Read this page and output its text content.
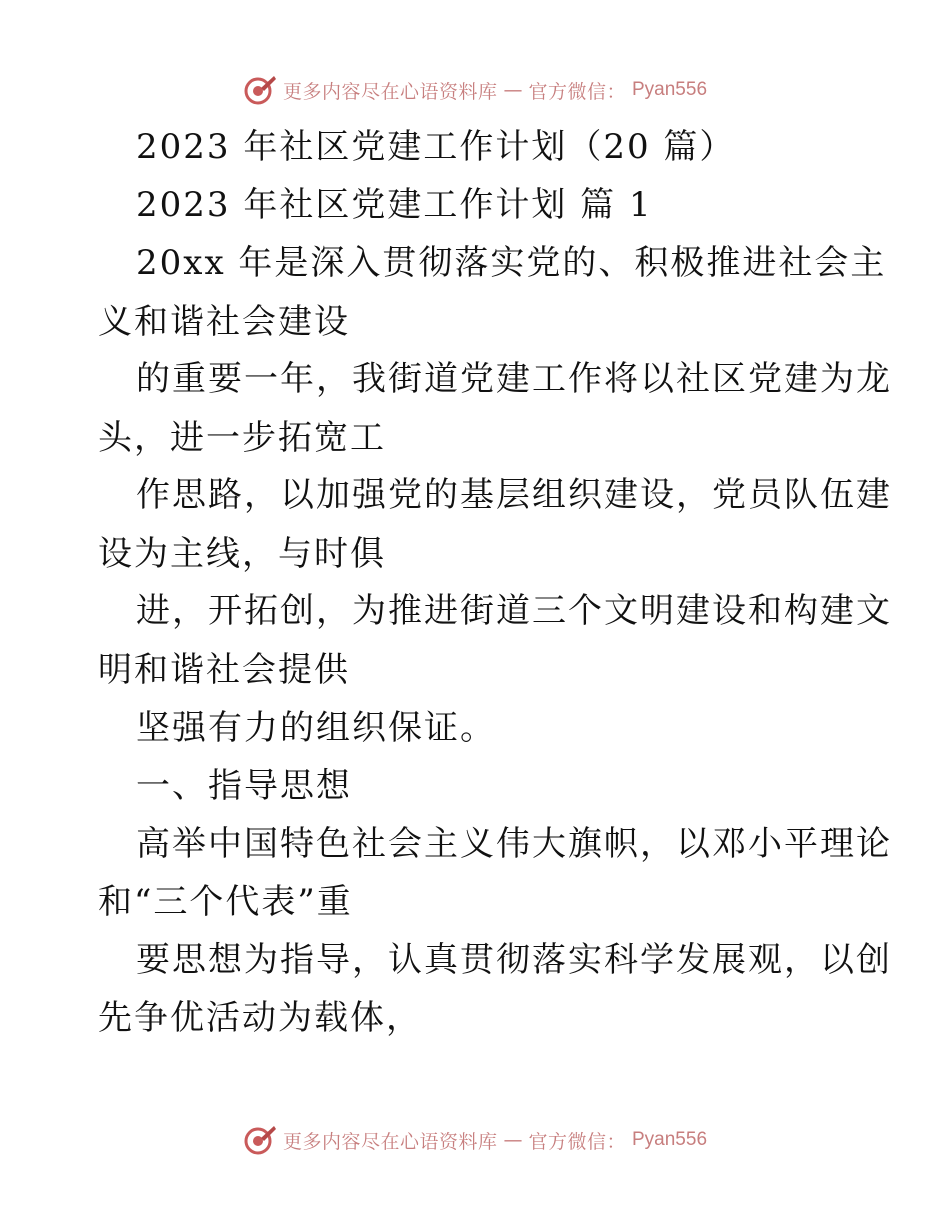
更多内容尽在心语资料库 — 官方微信： Pyan556
2023 年社区党建工作计划（20 篇）
2023 年社区党建工作计划 篇 1
20xx 年是深入贯彻落实党的、积极推进社会主
义和谐社会建设
的重要一年，我街道党建工作将以社区党建为龙
头，进一步拓宽工
作思路，以加强党的基层组织建设，党员队伍建
设为主线，与时俱
进，开拓创，为推进街道三个文明建设和构建文
明和谐社会提供
坚强有力的组织保证。
一、指导思想
高举中国特色社会主义伟大旗帜，以邓小平理论
和“三个代表”重
要思想为指导，认真贯彻落实科学发展观，以创
先争优活动为载体，
更多内容尽在心语资料库 — 官方微信： Pyan556
